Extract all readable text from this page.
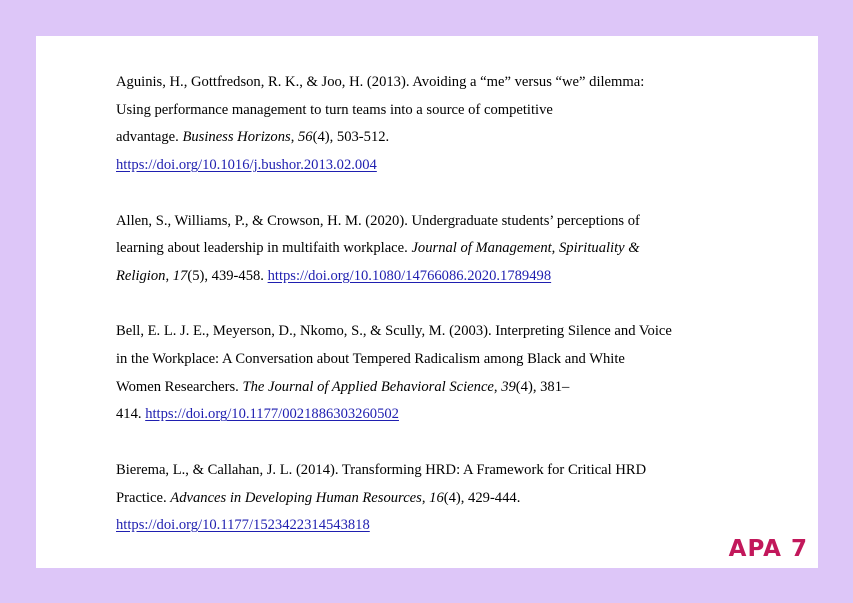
Aguinis, H., Gottfredson, R. K., & Joo, H. (2013). Avoiding a “me” versus “we” dilemma:
Using performance management to turn teams into a source of competitive
advantage. Business Horizons, 56(4), 503-512.
https://doi.org/10.1016/j.bushor.2013.02.004
Allen, S., Williams, P., & Crowson, H. M. (2020). Undergraduate students’ perceptions of
learning about leadership in multifaith workplace. Journal of Management, Spirituality &
Religion, 17(5), 439-458. https://doi.org/10.1080/14766086.2020.1789498
Bell, E. L. J. E., Meyerson, D., Nkomo, S., & Scully, M. (2003). Interpreting Silence and Voice
in the Workplace: A Conversation about Tempered Radicalism among Black and White
Women Researchers. The Journal of Applied Behavioral Science, 39(4), 381–
414. https://doi.org/10.1177/0021886303260502
Bierema, L., & Callahan, J. L. (2014). Transforming HRD: A Framework for Critical HRD
Practice. Advances in Developing Human Resources, 16(4), 429-444.
https://doi.org/10.1177/1523422314543818
APA 7
